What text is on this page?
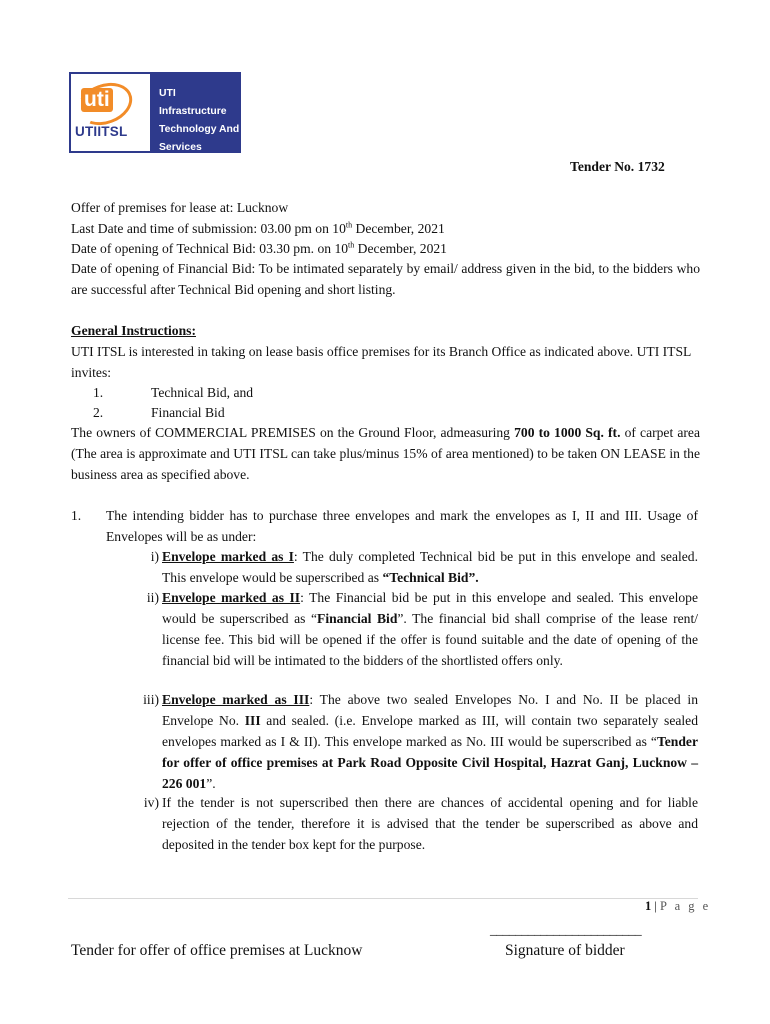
uti
UTIITSL
UTI Infrastructure
Technology And
Services Limited	Tender No. 1732
Offer of premises for lease at: Lucknow
Last Date and time of submission: 03.00 pm on 10th December, 2021
Date of opening of Technical Bid: 03.30 pm. on 10th December, 2021
Date of opening of Financial Bid: To be intimated separately by email/ address given in the bid, to the bidders who are successful after Technical Bid opening and short listing.
General Instructions:
UTI ITSL is interested in taking on lease basis office premises for its Branch Office as indicated above. UTI ITSL invites:
1.	Technical Bid, and
2.	Financial Bid
The owners of COMMERCIAL PREMISES on the Ground Floor, admeasuring 700 to 1000 Sq. ft. of carpet area (The area is approximate and UTI ITSL can take plus/minus 15% of area mentioned) to be taken ON LEASE in the business area as specified above.
1. The intending bidder has to purchase three envelopes and mark the envelopes as I, II and III. Usage of Envelopes will be as under:
i) Envelope marked as I: The duly completed Technical bid be put in this envelope and sealed. This envelope would be superscribed as “Technical Bid”.
ii) Envelope marked as II: The Financial bid be put in this envelope and sealed. This envelope would be superscribed as “Financial Bid”. The financial bid shall comprise of the lease rent/ license fee. This bid will be opened if the offer is found suitable and the date of opening of the financial bid will be intimated to the bidders of the shortlisted offers only.
iii) Envelope marked as III: The above two sealed Envelopes No. I and No. II be placed in Envelope No. III and sealed. (i.e. Envelope marked as III, will contain two separately sealed envelopes marked as I & II). This envelope marked as No. III would be superscribed as “Tender for offer of office premises at Park Road Opposite Civil Hospital, Hazrat Ganj, Lucknow – 226 001”.
iv) If the tender is not superscribed then there are chances of accidental opening and for liable rejection of the tender, therefore it is advised that the tender be superscribed as above and deposited in the tender box kept for the purpose.
1 | P a g e
________________________
Tender for offer of office premises at Lucknow	Signature of bidder
